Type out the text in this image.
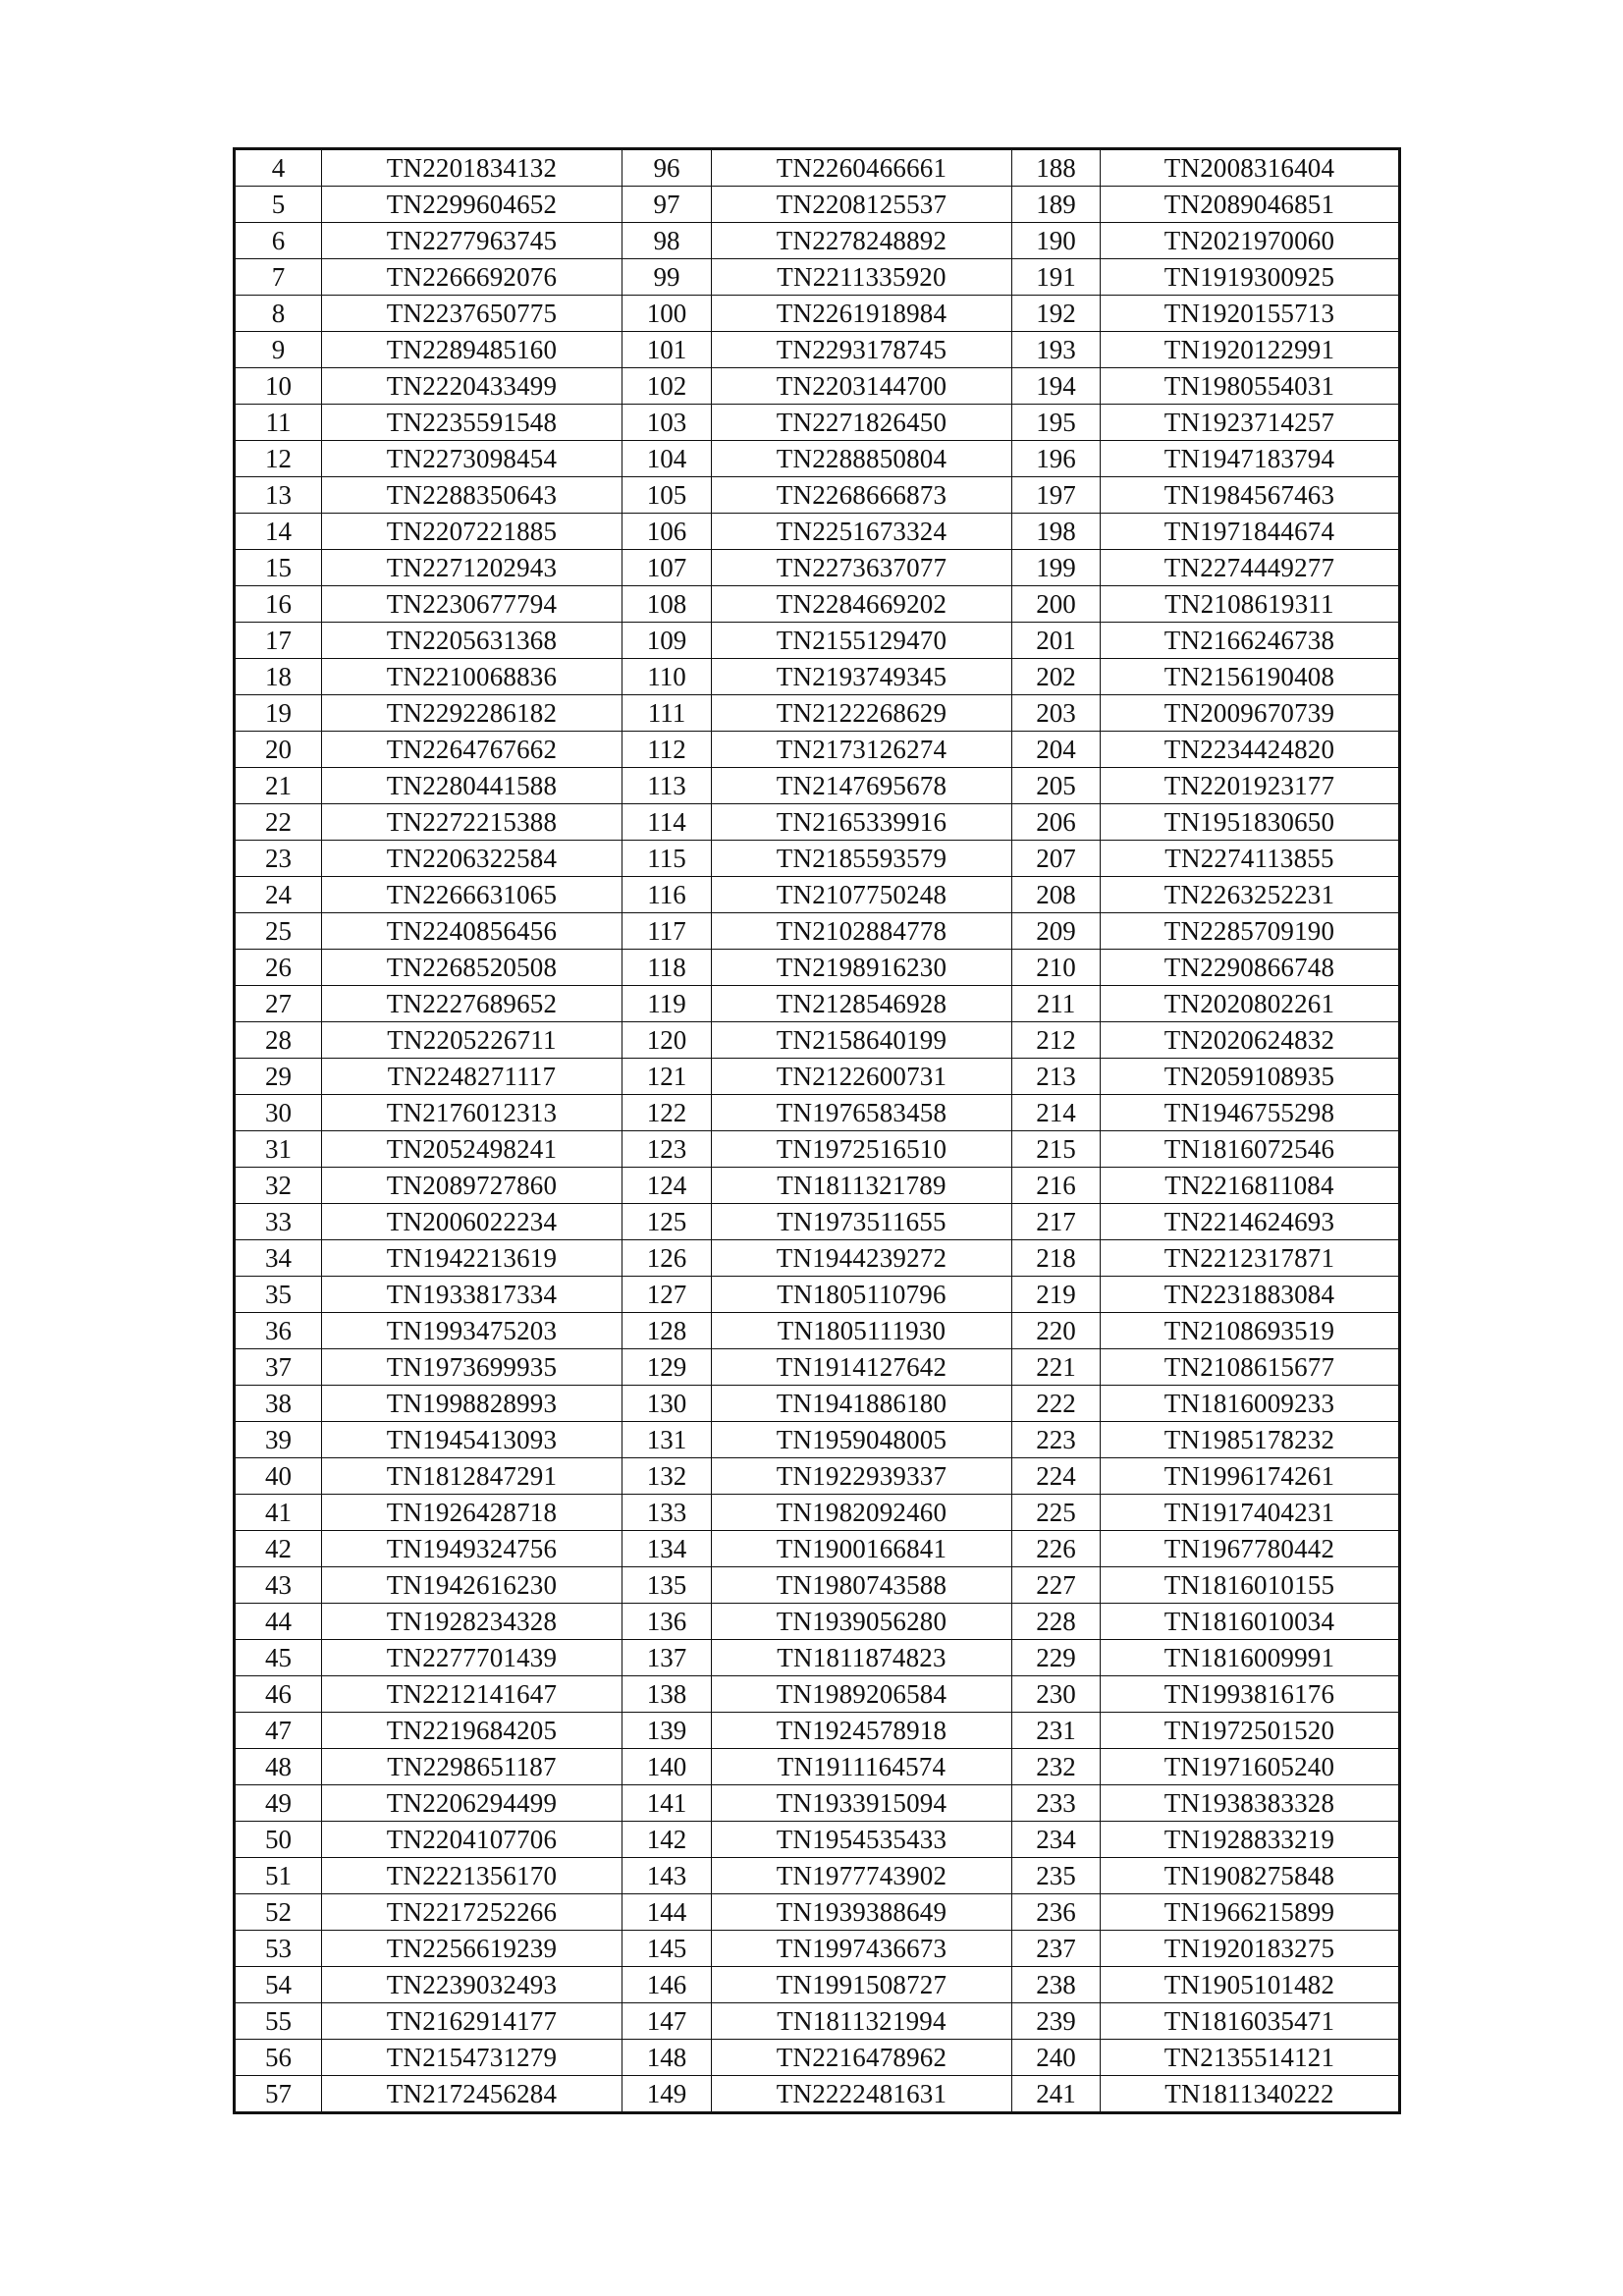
4	TN2201834132	96	TN2260466661	188	TN2008316404
5	TN2299604652	97	TN2208125537	189	TN2089046851
6	TN2277963745	98	TN2278248892	190	TN2021970060
7	TN2266692076	99	TN2211335920	191	TN1919300925
8	TN2237650775	100	TN2261918984	192	TN1920155713
9	TN2289485160	101	TN2293178745	193	TN1920122991
10	TN2220433499	102	TN2203144700	194	TN1980554031
11	TN2235591548	103	TN2271826450	195	TN1923714257
12	TN2273098454	104	TN2288850804	196	TN1947183794
13	TN2288350643	105	TN2268666873	197	TN1984567463
14	TN2207221885	106	TN2251673324	198	TN1971844674
15	TN2271202943	107	TN2273637077	199	TN2274449277
16	TN2230677794	108	TN2284669202	200	TN2108619311
17	TN2205631368	109	TN2155129470	201	TN2166246738
18	TN2210068836	110	TN2193749345	202	TN2156190408
19	TN2292286182	111	TN2122268629	203	TN2009670739
20	TN2264767662	112	TN2173126274	204	TN2234424820
21	TN2280441588	113	TN2147695678	205	TN2201923177
22	TN2272215388	114	TN2165339916	206	TN1951830650
23	TN2206322584	115	TN2185593579	207	TN2274113855
24	TN2266631065	116	TN2107750248	208	TN2263252231
25	TN2240856456	117	TN2102884778	209	TN2285709190
26	TN2268520508	118	TN2198916230	210	TN2290866748
27	TN2227689652	119	TN2128546928	211	TN2020802261
28	TN2205226711	120	TN2158640199	212	TN2020624832
29	TN2248271117	121	TN2122600731	213	TN2059108935
30	TN2176012313	122	TN1976583458	214	TN1946755298
31	TN2052498241	123	TN1972516510	215	TN1816072546
32	TN2089727860	124	TN1811321789	216	TN2216811084
33	TN2006022234	125	TN1973511655	217	TN2214624693
34	TN1942213619	126	TN1944239272	218	TN2212317871
35	TN1933817334	127	TN1805110796	219	TN2231883084
36	TN1993475203	128	TN1805111930	220	TN2108693519
37	TN1973699935	129	TN1914127642	221	TN2108615677
38	TN1998828993	130	TN1941886180	222	TN1816009233
39	TN1945413093	131	TN1959048005	223	TN1985178232
40	TN1812847291	132	TN1922939337	224	TN1996174261
41	TN1926428718	133	TN1982092460	225	TN1917404231
42	TN1949324756	134	TN1900166841	226	TN1967780442
43	TN1942616230	135	TN1980743588	227	TN1816010155
44	TN1928234328	136	TN1939056280	228	TN1816010034
45	TN2277701439	137	TN1811874823	229	TN1816009991
46	TN2212141647	138	TN1989206584	230	TN1993816176
47	TN2219684205	139	TN1924578918	231	TN1972501520
48	TN2298651187	140	TN1911164574	232	TN1971605240
49	TN2206294499	141	TN1933915094	233	TN1938383328
50	TN2204107706	142	TN1954535433	234	TN1928833219
51	TN2221356170	143	TN1977743902	235	TN1908275848
52	TN2217252266	144	TN1939388649	236	TN1966215899
53	TN2256619239	145	TN1997436673	237	TN1920183275
54	TN2239032493	146	TN1991508727	238	TN1905101482
55	TN2162914177	147	TN1811321994	239	TN1816035471
56	TN2154731279	148	TN2216478962	240	TN2135514121
57	TN2172456284	149	TN2222481631	241	TN1811340222
